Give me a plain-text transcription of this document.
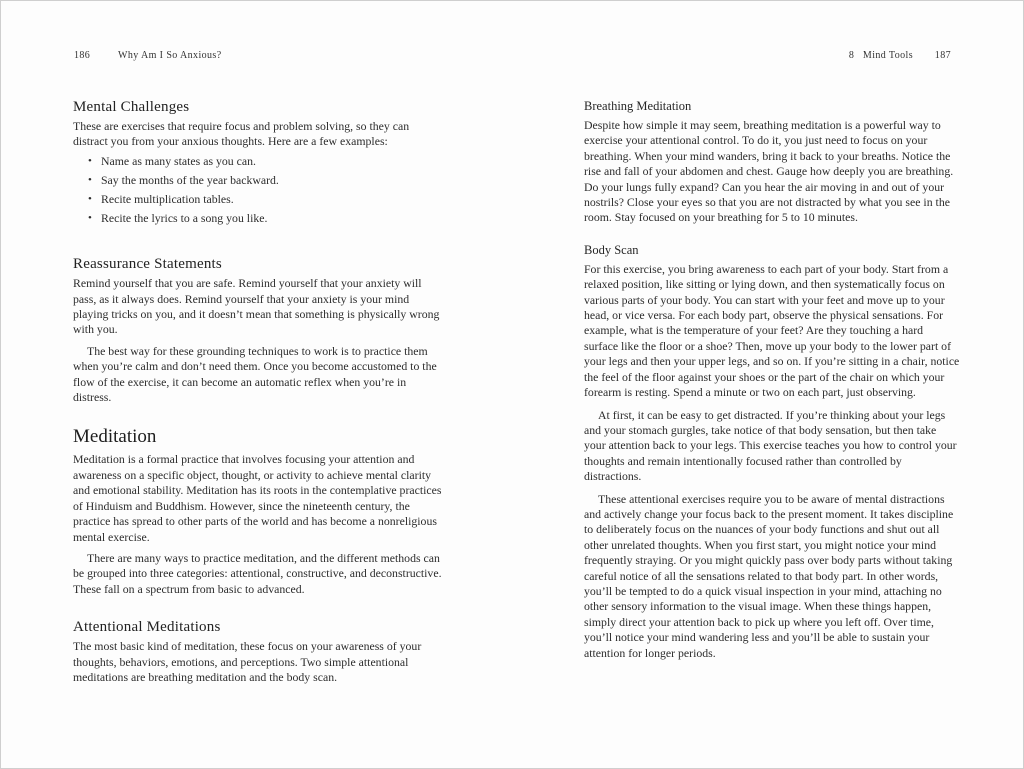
186	Why Am I So Anxious?
Mental Challenges

These are exercises that require focus and problem solving, so they can distract you from your anxious thoughts. Here are a few examples:

• Name as many states as you can.
• Say the months of the year backward.
• Recite multiplication tables.
• Recite the lyrics to a song you like.
Reassurance Statements

Remind yourself that you are safe. Remind yourself that your anxiety will pass, as it always does. Remind yourself that your anxiety is your mind playing tricks on you, and it doesn’t mean that something is physically wrong with you.

The best way for these grounding techniques to work is to practice them when you’re calm and don’t need them. Once you become accustomed to the flow of the exercise, it can become an automatic reflex when you’re in distress.

Meditation

Meditation is a formal practice that involves focusing your attention and awareness on a specific object, thought, or activity to achieve mental clarity and emotional stability. Meditation has its roots in the contemplative practices of Hinduism and Buddhism. However, since the nineteenth century, the practice has spread to other parts of the world and has become a nonreligious mental exercise.

There are many ways to practice meditation, and the different methods can be grouped into three categories: attentional, constructive, and deconstructive. These fall on a spectrum from basic to advanced.

Attentional Meditations

The most basic kind of meditation, these focus on your awareness of your thoughts, behaviors, emotions, and perceptions. Two simple attentional meditations are breathing meditation and the body scan.

8   Mind Tools 187
Breathing Meditation

Despite how simple it may seem, breathing meditation is a powerful way to exercise your attentional control. To do it, you just need to focus on your breathing. When your mind wanders, bring it back to your breaths. Notice the rise and fall of your abdomen and chest. Gauge how deeply you are breathing. Do your lungs fully expand? Can you hear the air moving in and out of your nostrils? Close your eyes so that you are not distracted by what you see in the room. Stay focused on your breathing for 5 to 10 minutes.

Body Scan

For this exercise, you bring awareness to each part of your body. Start from a relaxed position, like sitting or lying down, and then systematically focus on various parts of your body. You can start with your feet and move up to your head, or vice versa. For each body part, observe the physical sensations. For example, what is the temperature of your feet? Are they touching a hard surface like the floor or a shoe? Then, move up your body to the lower part of your legs and then your upper legs, and so on. If you’re sitting in a chair, notice the feel of the floor against your shoes or the part of the chair on which your forearm is resting. Spend a minute or two on each part, just observing.

At first, it can be easy to get distracted. If you’re thinking about your legs and your stomach gurgles, take notice of that body sensation, but then take your attention back to your legs. This exercise teaches you how to control your thoughts and remain intentionally focused rather than controlled by distractions.

These attentional exercises require you to be aware of mental distractions and actively change your focus back to the present moment. It takes discipline to deliberately focus on the nuances of your body functions and shut out all other unrelated thoughts. When you first start, you might notice your mind frequently straying. Or you might quickly pass over body parts without taking careful notice of all the sensations related to that body part. In other words, you’ll be tempted to do a quick visual inspection in your mind, attaching no other sensory information to the visual image. When these things happen, simply direct your attention back to pick up where you left off. Over time, you’ll notice your mind wandering less and you’ll be able to sustain your attention for longer periods.
